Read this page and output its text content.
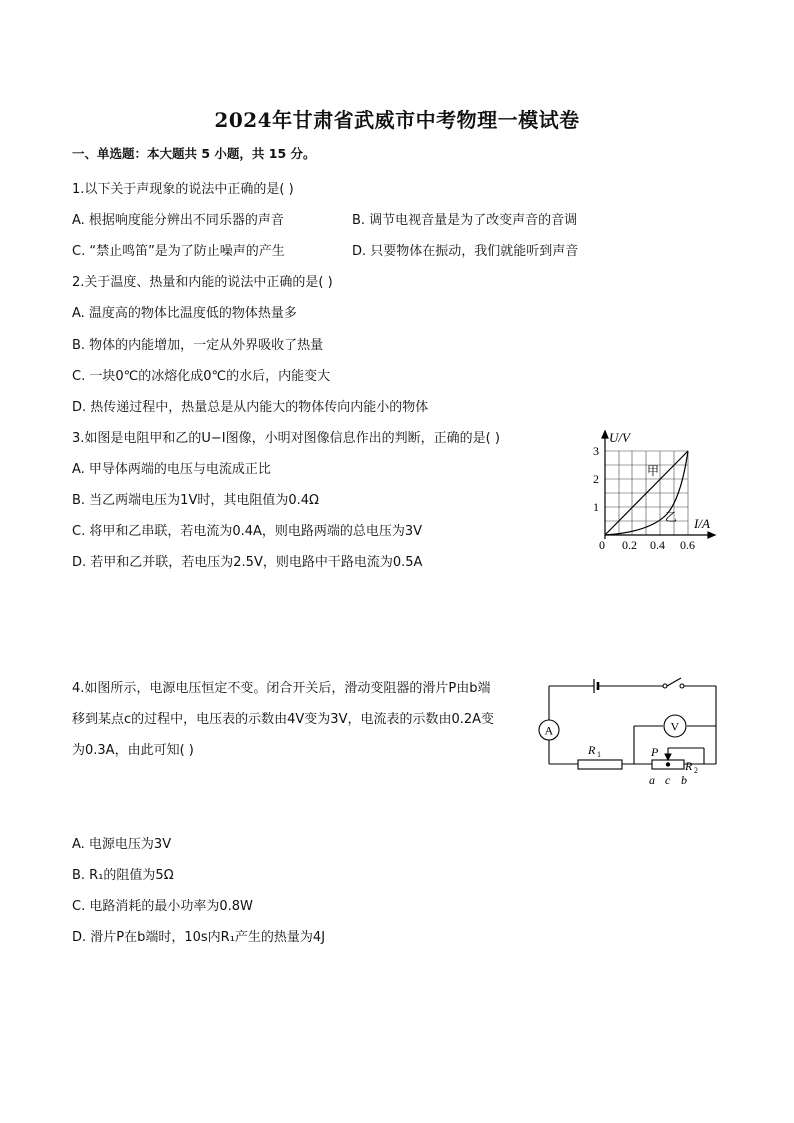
2024年甘肃省武威市中考物理一模试卷
一、单选题：本大题共 5 小题，共 15 分。
1.以下关于声现象的说法中正确的是( )
A. 根据响度能分辨出不同乐器的声音	B. 调节电视音量是为了改变声音的音调
C. “禁止鸣笛”是为了防止噪声的产生	D. 只要物体在振动，我们就能听到声音
2.关于温度、热量和内能的说法中正确的是( )
A. 温度高的物体比温度低的物体热量多
B. 物体的内能增加，一定从外界吸收了热量
C. 一块0℃的冰熔化成0℃的水后，内能变大
D. 热传递过程中，热量总是从内能大的物体传向内能小的物体
3.如图是电阻甲和乙的U−I图像，小明对图像信息作出的判断，正确的是( )
A. 甲导体两端的电压与电流成正比
B. 当乙两端电压为1V时，其电阻值为0.4Ω
C. 将甲和乙串联，若电流为0.4A，则电路两端的总电压为3V
D. 若甲和乙并联，若电压为2.5V，则电路中干路电流为0.5A
U/V
I/A
0
1
2
3
0.2 0.4 0.6
甲
乙
4.如图所示，电源电压恒定不变。闭合开关后，滑动变阻器的滑片P由b端
移到某点c的过程中，电压表的示数由4V变为3V，电流表的示数由0.2A变
为0.3A，由此可知( )
A. 电源电压为3V
B. R₁的阻值为5Ω
C. 电路消耗的最小功率为0.8W
D. 滑片P在b端时，10s内R₁产生的热量为4J
A	V
R 1	P
R 2
a c b
